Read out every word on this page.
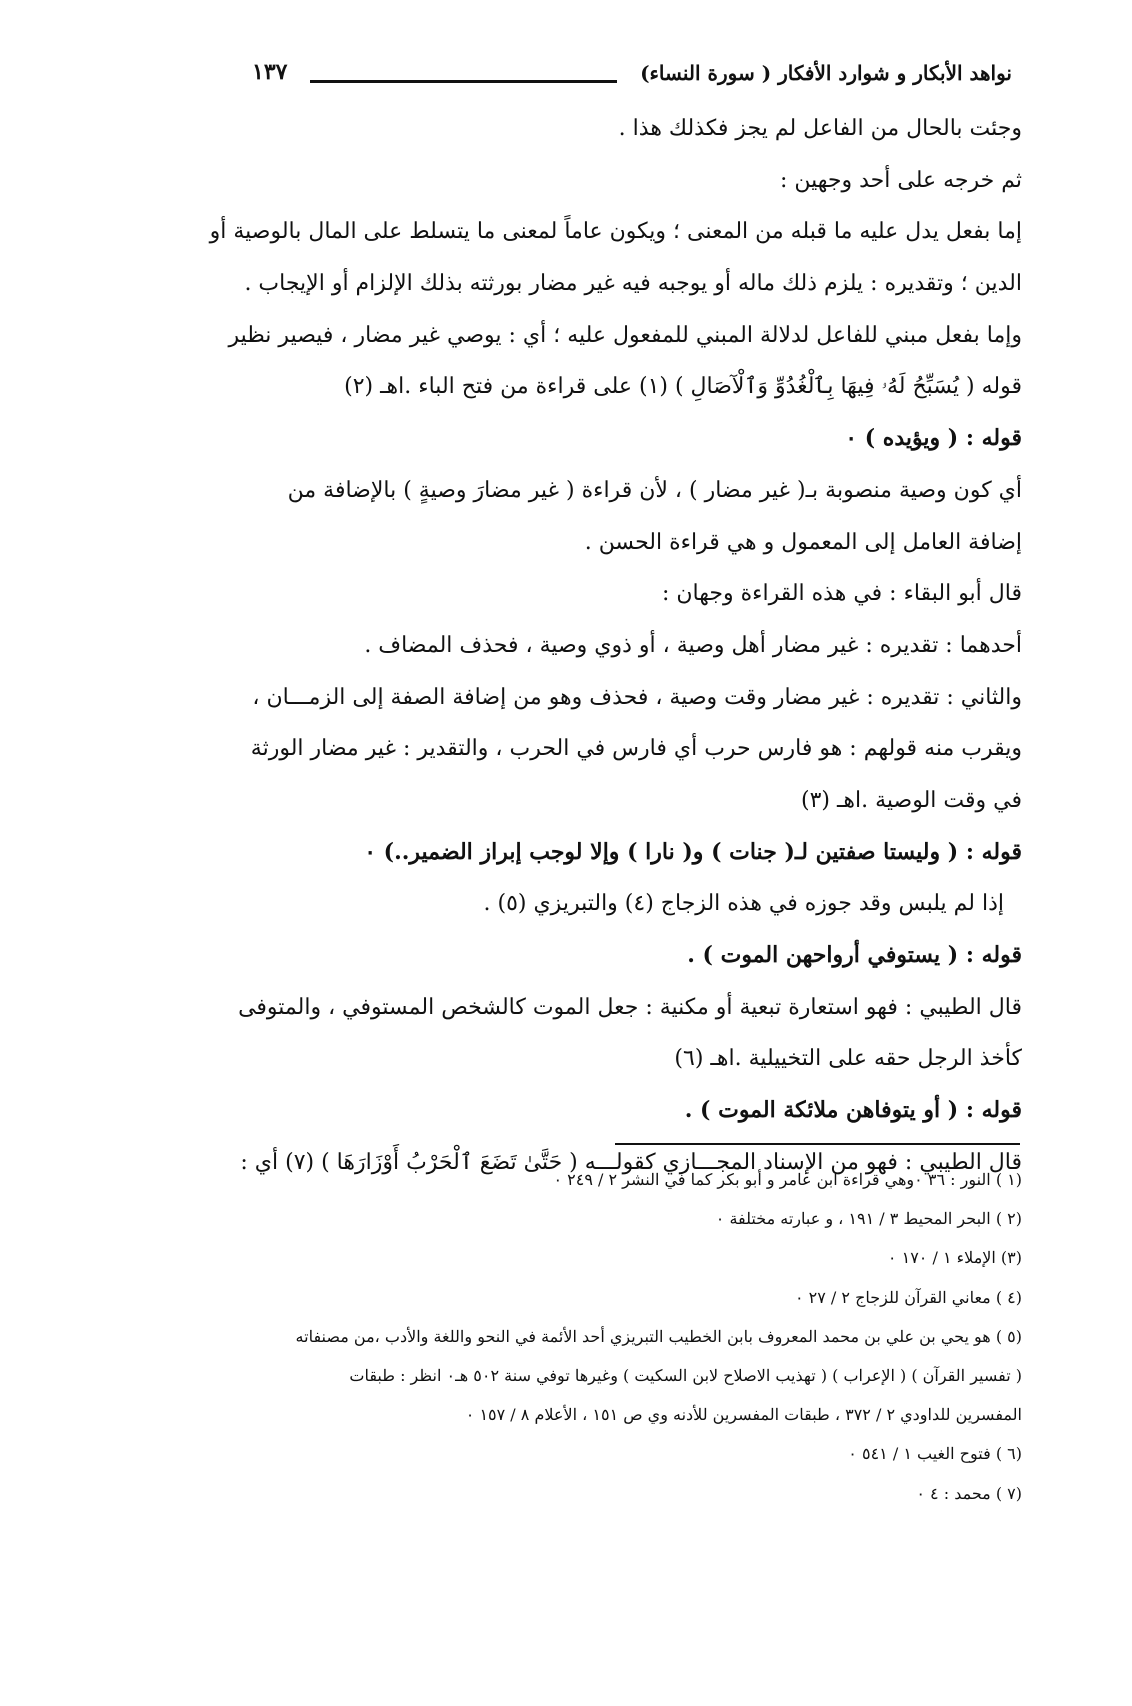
نواهد الأبكار و شوارد الأفكار ( سورة النساء)
١٣٧
وجئت بالحال من الفاعل لم يجز فكذلك هذا .
ثم خرجه على أحد وجهين :
إما بفعل يدل عليه ما قبله من المعنى ؛ ويكون عاماً لمعنى ما يتسلط على المال بالوصية أو
الدين ؛ وتقديره : يلزم ذلك ماله أو يوجبه فيه غير مضار بورثته بذلك الإلزام أو الإيجاب .
وإما بفعل مبني للفاعل لدلالة المبني للمفعول عليه ؛ أي : يوصي غير مضار ، فيصير نظير
قوله ( يُسَبِّحُ لَهُۥ فِيهَا بِٱلْغُدُوِّ وَٱلْآصَالِ ) (١) على قراءة من فتح الباء .اهـ (٢)
قوله : ( ويؤيده ) ٠
أي كون وصية منصوبة بـ( غير مضار ) ، لأن قراءة ( غير مضارَ وصيةٍ ) بالإضافة من
إضافة العامل إلى المعمول و هي قراءة الحسن .
قال أبو البقاء : في هذه القراءة وجهان :
أحدهما : تقديره : غير مضار أهل وصية ، أو ذوي وصية ، فحذف المضاف .
والثاني : تقديره : غير مضار وقت وصية ، فحذف وهو من إضافة الصفة إلى الزمـــان ،
ويقرب منه قولهم : هو فارس حرب أي فارس في الحرب ، والتقدير : غير مضار الورثة
في وقت الوصية .اهـ (٣)
قوله : ( وليستا صفتين لـ( جنات ) و( نارا ) وإلا لوجب إبراز الضمير..) ٠
إذا لم يلبس وقد جوزه في هذه الزجاج (٤) والتبريزي (٥) .
قوله : ( يستوفي أرواحهن الموت ) .
قال الطيبي : فهو استعارة تبعية أو مكنية : جعل الموت كالشخص المستوفي ، والمتوفى
كأخذ الرجل حقه على التخييلية .اهـ (٦)
قوله : ( أو يتوفاهن ملائكة الموت ) .
قال الطيبي : فهو من الإسناد المجـــازي كقولـــه ( حَتَّىٰ تَضَعَ ٱلْحَرْبُ أَوْزَارَهَا ) (٧) أي :
(١ ) النور : ٣٦ ٠وهي قراءة ابن عامر و أبو بكر كما في النشر ٢ / ٢٤٩ ٠
(٢ ) البحر المحيط ٣ / ١٩١ ، و عبارته مختلفة ٠
(٣) الإملاء ١ / ١٧٠ ٠
(٤ ) معاني القرآن للزجاج ٢ / ٢٧ ٠
(٥ ) هو يحي بن علي بن محمد المعروف بابن الخطيب التبريزي أحد الأئمة في النحو واللغة والأدب ،من مصنفاته
( تفسير القرآن ) ( الإعراب ) ( تهذيب الاصلاح لابن السكيت ) وغيرها توفي سنة ٥٠٢ هـ٠ انظر : طبقات
المفسرين للداودي ٢ / ٣٧٢ ، طبقات المفسرين للأدنه وي ص ١٥١ ، الأعلام ٨ / ١٥٧ ٠
(٦ ) فتوح الغيب ١ / ٥٤١ ٠
(٧ ) محمد : ٤ ٠
